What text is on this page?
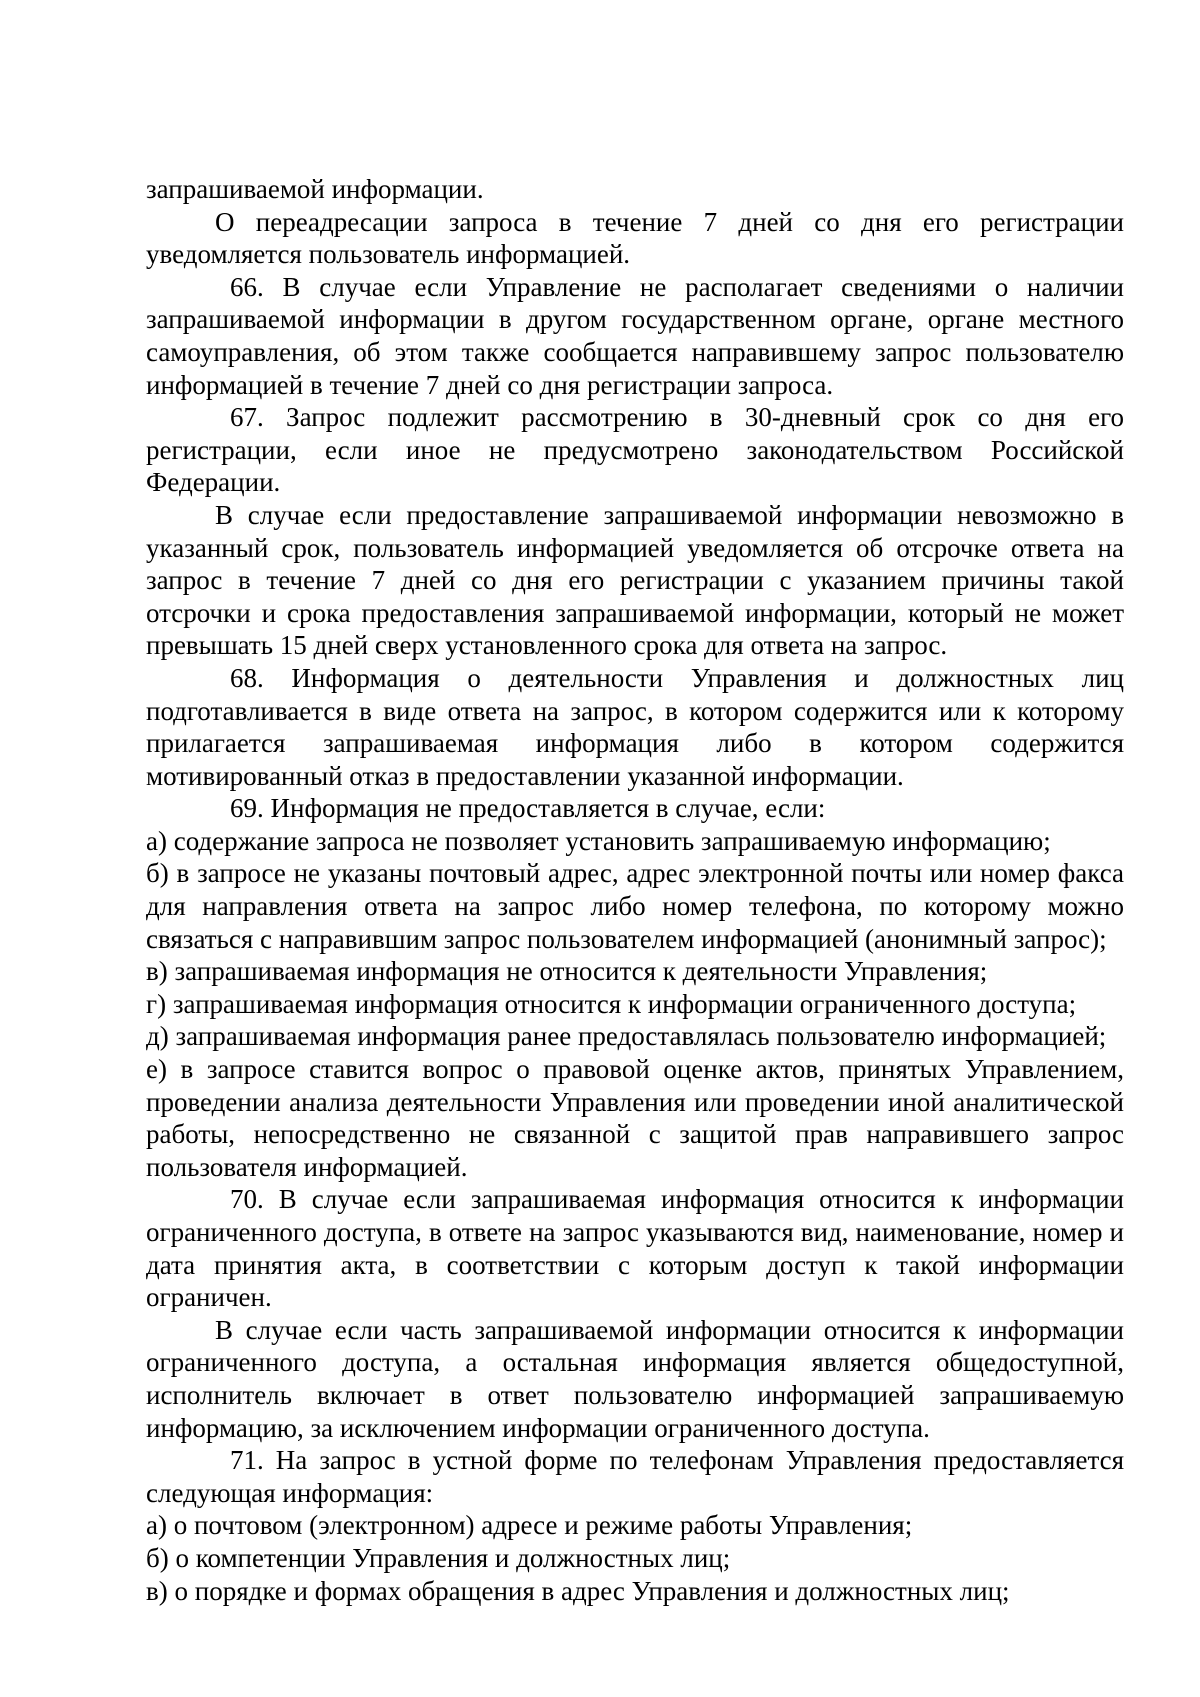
запрашиваемой информации.

О переадресации запроса в течение 7 дней со дня его регистрации уведомляется пользователь информацией.

66. В случае если Управление не располагает сведениями о наличии запрашиваемой информации в другом государственном органе, органе местного самоуправления, об этом также сообщается направившему запрос пользователю информацией в течение 7 дней со дня регистрации запроса.

67. Запрос подлежит рассмотрению в 30-дневный срок со дня его регистрации, если иное не предусмотрено законодательством Российской Федерации.

В случае если предоставление запрашиваемой информации невозможно в указанный срок, пользователь информацией уведомляется об отсрочке ответа на запрос в течение 7 дней со дня его регистрации с указанием причины такой отсрочки и срока предоставления запрашиваемой информации, который не может превышать 15 дней сверх установленного срока для ответа на запрос.

68. Информация о деятельности Управления и должностных лиц подготавливается в виде ответа на запрос, в котором содержится или к которому прилагается запрашиваемая информация либо в котором содержится мотивированный отказ в предоставлении указанной информации.

69. Информация не предоставляется в случае, если:

а) содержание запроса не позволяет установить запрашиваемую информацию;

б) в запросе не указаны почтовый адрес, адрес электронной почты или номер факса для направления ответа на запрос либо номер телефона, по которому можно связаться с направившим запрос пользователем информацией (анонимный запрос);

в) запрашиваемая информация не относится к деятельности Управления;

г) запрашиваемая информация относится к информации ограниченного доступа;

д) запрашиваемая информация ранее предоставлялась пользователю информацией;

е) в запросе ставится вопрос о правовой оценке актов, принятых Управлением, проведении анализа деятельности Управления или проведении иной аналитической работы, непосредственно не связанной с защитой прав направившего запрос пользователя информацией.

70. В случае если запрашиваемая информация относится к информации ограниченного доступа, в ответе на запрос указываются вид, наименование, номер и дата принятия акта, в соответствии с которым доступ к такой информации ограничен.

В случае если часть запрашиваемой информации относится к информации ограниченного доступа, а остальная информация является общедоступной, исполнитель включает в ответ пользователю информацией запрашиваемую информацию, за исключением информации ограниченного доступа.

71. На запрос в устной форме по телефонам Управления предоставляется следующая информация:

а) о почтовом (электронном) адресе и режиме работы Управления;

б) о компетенции Управления и должностных лиц;

в) о порядке и формах обращения в адрес Управления и должностных лиц;
